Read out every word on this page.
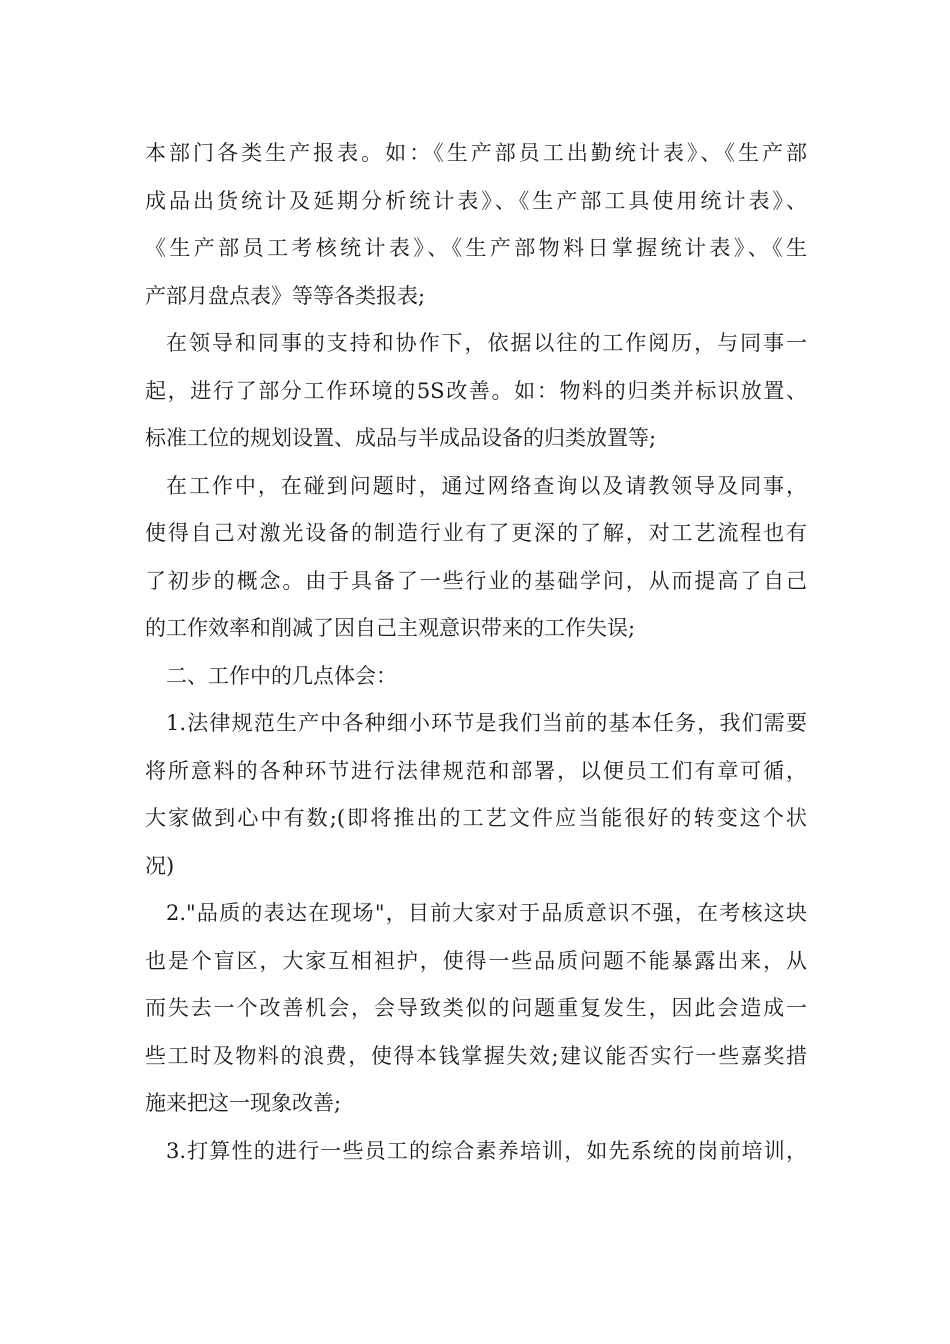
本部门各类生产报表。如：《生产部员工出勤统计表》、《生产部
成品出货统计及延期分析统计表》、《生产部工具使用统计表》、
《生产部员工考核统计表》、《生产部物料日掌握统计表》、《生
产部月盘点表》等等各类报表;
在领导和同事的支持和协作下，依据以往的工作阅历，与同事一
起，进行了部分工作环境的5S改善。如：物料的归类并标识放置、
标准工位的规划设置、成品与半成品设备的归类放置等;
在工作中，在碰到问题时，通过网络查询以及请教领导及同事，
使得自己对激光设备的制造行业有了更深的了解，对工艺流程也有
了初步的概念。由于具备了一些行业的基础学问，从而提高了自己
的工作效率和削减了因自己主观意识带来的工作失误;
二、工作中的几点体会：
1.法律规范生产中各种细小环节是我们当前的基本任务，我们需要
将所意料的各种环节进行法律规范和部署，以便员工们有章可循，
大家做到心中有数;(即将推出的工艺文件应当能很好的转变这个状
况)
2."品质的表达在现场"，目前大家对于品质意识不强，在考核这块
也是个盲区，大家互相袒护，使得一些品质问题不能暴露出来，从
而失去一个改善机会，会导致类似的问题重复发生，因此会造成一
些工时及物料的浪费，使得本钱掌握失效;建议能否实行一些嘉奖措
施来把这一现象改善;
3.打算性的进行一些员工的综合素养培训，如先系统的岗前培训，
